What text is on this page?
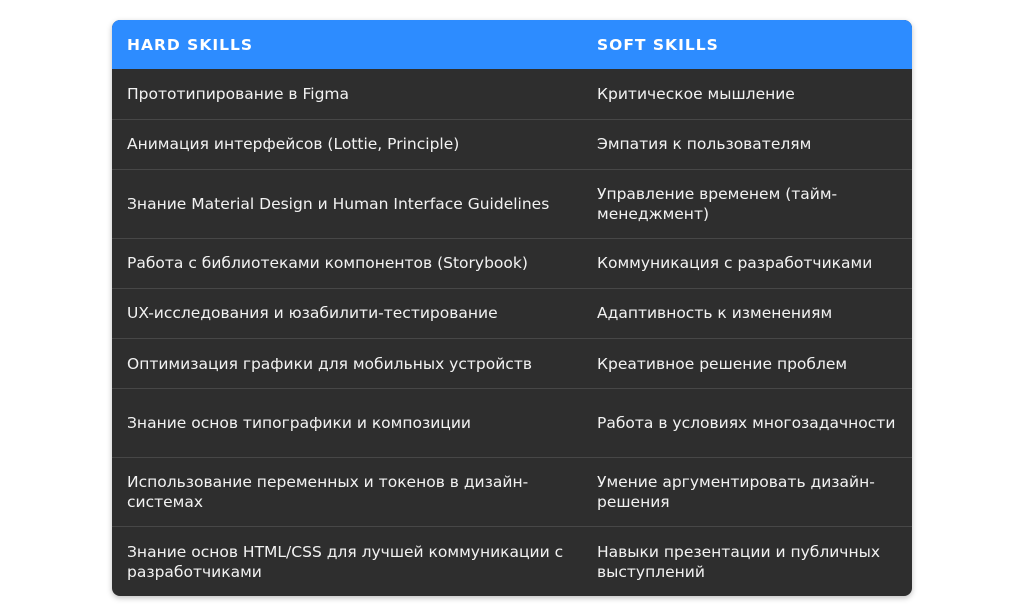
HARD SKILLS	SOFT SKILLS
Прототипирование в Figma	Критическое мышление
Анимация интерфейсов (Lottie, Principle)	Эмпатия к пользователям
Знание Material Design и Human Interface Guidelines	Управление временем (тайм-менеджмент)
Работа с библиотеками компонентов (Storybook)	Коммуникация с разработчиками
UX-исследования и юзабилити-тестирование	Адаптивность к изменениям
Оптимизация графики для мобильных устройств	Креативное решение проблем
Знание основ типографики и композиции	Работа в условиях многозадачности
Использование переменных и токенов в дизайн-системах	Умение аргументировать дизайн-решения
Знание основ HTML/CSS для лучшей коммуникации с разработчиками	Навыки презентации и публичных выступлений
